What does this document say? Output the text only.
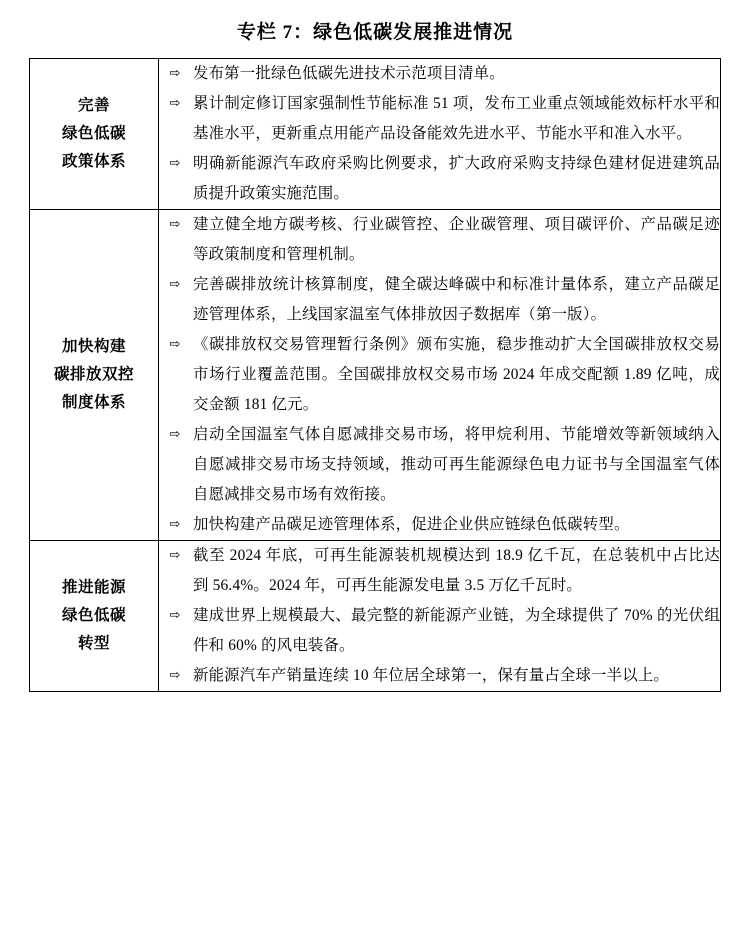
专栏 7：绿色低碳发展推进情况
完善
绿色低碳
政策体系

⇨ 发布第一批绿色低碳先进技术示范项目清单。
⇨ 累计制定修订国家强制性节能标准 51 项，发布工业重点领域能效标杆水平和基准水平，更新重点用能产品设备能效先进水平、节能水平和准入水平。
⇨ 明确新能源汽车政府采购比例要求，扩大政府采购支持绿色建材促进建筑品质提升政策实施范围。

加快构建
碳排放双控
制度体系

⇨ 建立健全地方碳考核、行业碳管控、企业碳管理、项目碳评价、产品碳足迹等政策制度和管理机制。
⇨ 完善碳排放统计核算制度，健全碳达峰碳中和标准计量体系，建立产品碳足迹管理体系，上线国家温室气体排放因子数据库（第一版）。
⇨ 《碳排放权交易管理暂行条例》颁布实施，稳步推动扩大全国碳排放权交易市场行业覆盖范围。全国碳排放权交易市场 2024 年成交配额 1.89 亿吨，成交金额 181 亿元。
⇨ 启动全国温室气体自愿减排交易市场，将甲烷利用、节能增效等新领域纳入自愿减排交易市场支持领域，推动可再生能源绿色电力证书与全国温室气体自愿减排交易市场有效衔接。
⇨ 加快构建产品碳足迹管理体系，促进企业供应链绿色低碳转型。

推进能源
绿色低碳
转型

⇨ 截至 2024 年底，可再生能源装机规模达到 18.9 亿千瓦，在总装机中占比达到 56.4%。2024 年，可再生能源发电量 3.5 万亿千瓦时。
⇨ 建成世界上规模最大、最完整的新能源产业链，为全球提供了 70% 的光伏组件和 60% 的风电装备。
⇨ 新能源汽车产销量连续 10 年位居全球第一，保有量占全球一半以上。
